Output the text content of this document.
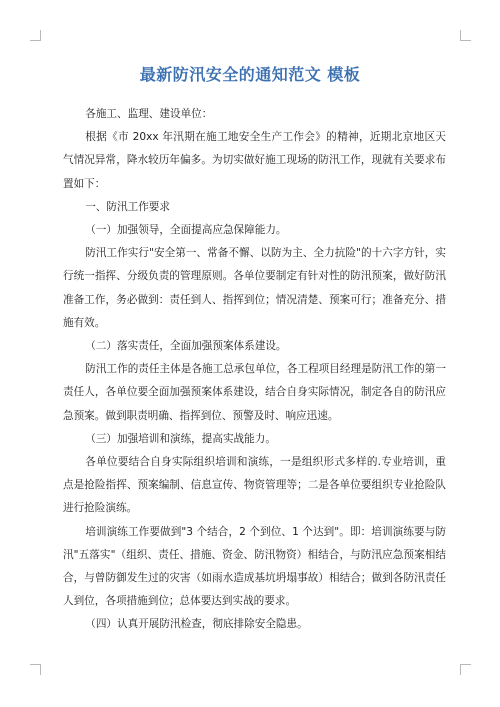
最新防汛安全的通知范文 模板

各施工、监理、建设单位：

根据《市 20xx 年汛期在施工地安全生产工作会》的精神，近期北京地区天气情况异常，降水较历年偏多。为切实做好施工现场的防汛工作，现就有关要求布置如下：

一、防汛工作要求

（一）加强领导，全面提高应急保障能力。

防汛工作实行"安全第一、常备不懈、以防为主、全力抗险"的十六字方针，实行统一指挥、分级负责的管理原则。各单位要制定有针对性的防汛预案，做好防汛准备工作，务必做到：责任到人、指挥到位；情况清楚、预案可行；准备充分、措施有效。

（二）落实责任，全面加强预案体系建设。

防汛工作的责任主体是各施工总承包单位，各工程项目经理是防汛工作的第一责任人，各单位要全面加强预案体系建设，结合自身实际情况，制定各自的防汛应急预案。做到职责明确、指挥到位、预警及时、响应迅速。

（三）加强培训和演练，提高实战能力。

各单位要结合自身实际组织培训和演练，一是组织形式多样的.专业培训，重点是抢险指挥、预案编制、信息宣传、物资管理等；二是各单位要组织专业抢险队进行抢险演练。

培训演练工作要做到"3 个结合，2 个到位、1 个达到"。即：培训演练要与防汛"五落实"（组织、责任、措施、资金、防汛物资）相结合，与防汛应急预案相结合，与曾防御发生过的灾害（如雨水造成基坑坍塌事故）相结合；做到各防汛责任人到位，各项措施到位；总体要达到实战的要求。

（四）认真开展防汛检查，彻底排除安全隐患。
